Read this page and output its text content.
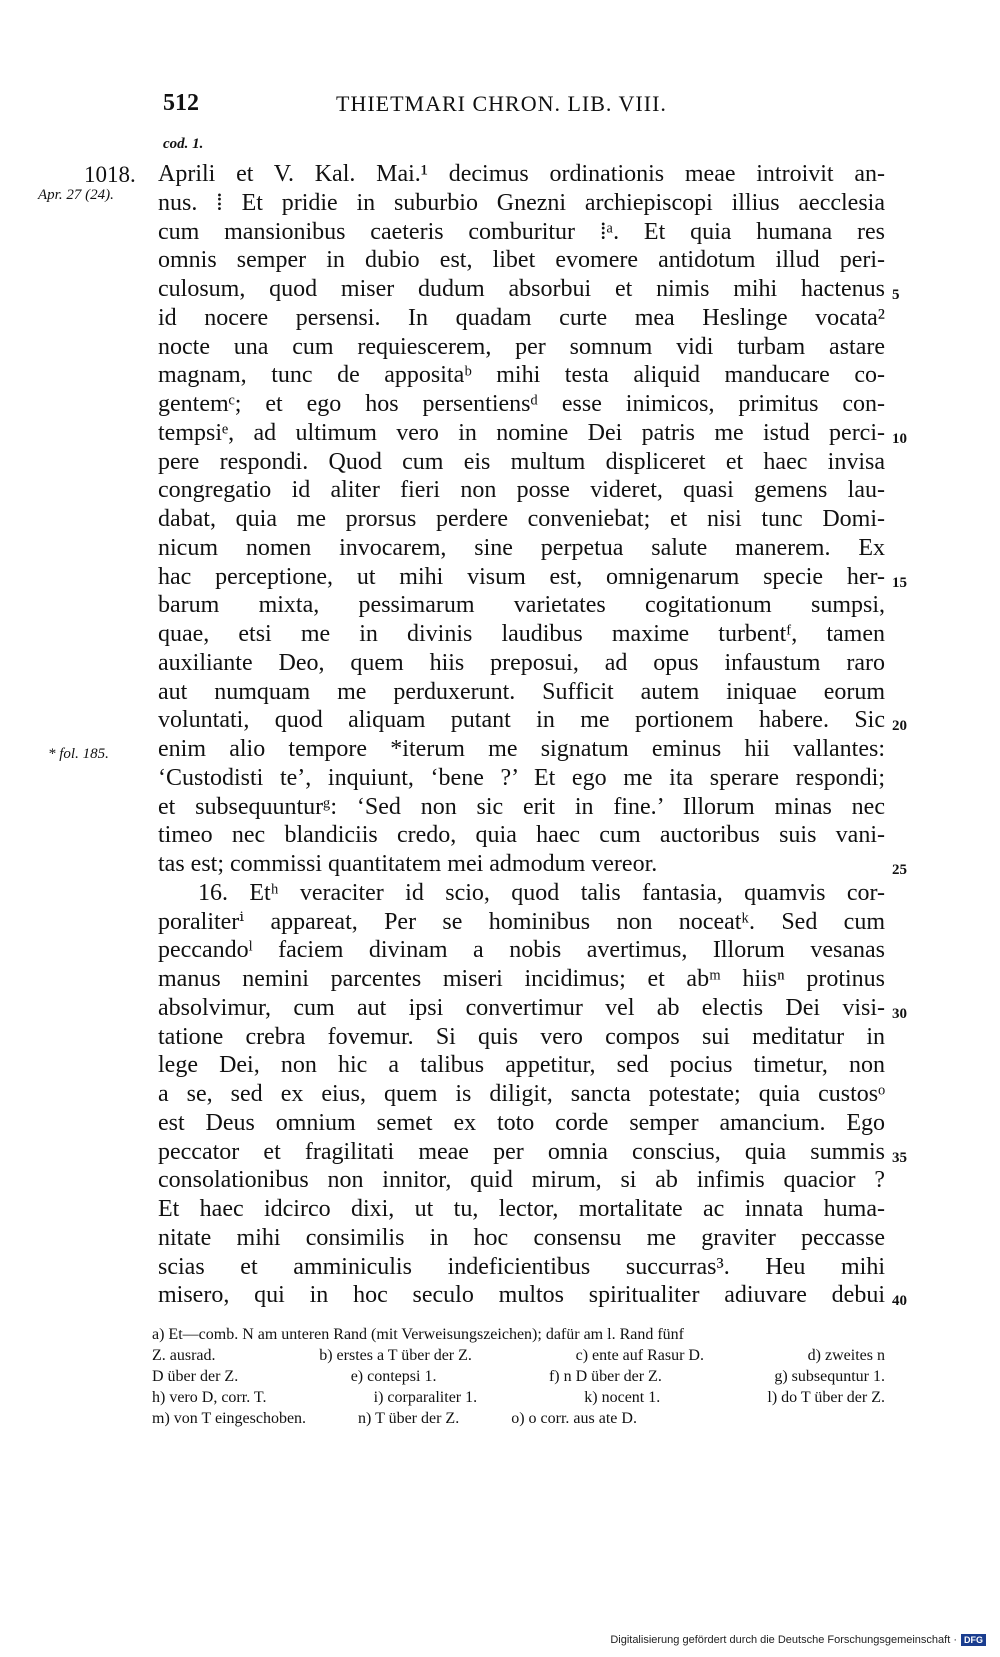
512	THIETMARI CHRON. LIB. VIII.
cod. 1.
1018.
Apr. 27 (24).
* fol. 185.
Aprili et V. Kal. Mai.¹ decimus ordinationis meae introivit an-
nus. ⁞ Et pridie in suburbio Gnezni archiepiscopi illius aecclesia
cum mansionibus caeteris comburitur ⁞ᵃ. Et quia humana res
omnis semper in dubio est, libet evomere antidotum illud peri-
culosum, quod miser dudum absorbui et nimis mihi hactenus
id nocere persensi. In quadam curte mea Heslinge vocata²
nocte una cum requiescerem, per somnum vidi turbam astare
magnam, tunc de appositaᵇ mihi testa aliquid manducare co-
gentemᶜ; et ego hos persentiensᵈ esse inimicos, primitus con-
tempsiᵉ, ad ultimum vero in nomine Dei patris me istud perci-
pere respondi. Quod cum eis multum displiceret et haec invisa
congregatio id aliter fieri non posse videret, quasi gemens lau-
dabat, quia me prorsus perdere conveniebat; et nisi tunc Domi-
nicum nomen invocarem, sine perpetua salute manerem. Ex
hac perceptione, ut mihi visum est, omnigenarum specie her-
barum mixta, pessimarum varietates cogitationum sumpsi,
quae, etsi me in divinis laudibus maxime turbentᶠ, tamen
auxiliante Deo, quem hiis preposui, ad opus infaustum raro
aut numquam me perduxerunt. Sufficit autem iniquae eorum
voluntati, quod aliquam putant in me portionem habere. Sic
enim alio tempore *iterum me signatum eminus hii vallantes:
‘Custodisti te’, inquiunt, ‘bene ?’ Et ego me ita sperare respondi;
et subsequunturᵍ: ‘Sed non sic erit in fine.’ Illorum minas nec
timeo nec blandiciis credo, quia haec cum auctoribus suis vani-
tas est; commissi quantitatem mei admodum vereor.
16. Etʰ veraciter id scio, quod talis fantasia, quamvis cor-
poraliterⁱ appareat, Per se hominibus non noceatᵏ. Sed cum
peccandoˡ faciem divinam a nobis avertimus, Illorum vesanas
manus nemini parcentes miseri incidimus; et abᵐ hiisⁿ protinus
absolvimur, cum aut ipsi convertimur vel ab electis Dei visi-
tatione crebra fovemur. Si quis vero compos sui meditatur in
lege Dei, non hic a talibus appetitur, sed pocius timetur, non
a se, sed ex eius, quem is diligit, sancta potestate; quia custosᵒ
est Deus omnium semet ex toto corde semper amancium. Ego
peccator et fragilitati meae per omnia conscius, quia summis
consolationibus non innitor, quid mirum, si ab infimis quacior ?
Et haec idcirco dixi, ut tu, lector, mortalitate ac innata huma-
nitate mihi consimilis in hoc consensu me graviter peccasse
scias et amminiculis indeficientibus succurras³. Heu mihi
misero, qui in hoc seculo multos spiritualiter adiuvare debui
5
10
15
20
25
30
35
40
a) Et—comb. N am unteren Rand (mit Verweisungszeichen); dafür am l. Rand fünf
Z. ausrad.	b) erstes a T über der Z.	c) ente auf Rasur D.	d) zweites n
D über der Z.	e) contepsi 1.	f) n D über der Z.	g) subsequntur 1.
h) vero D, corr. T.	i) corparaliter 1.	k) nocent 1.	l) do T über der Z.
m) von T eingeschoben.	n) T über der Z.	o) o corr. aus ate D.
Digitalisierung gefördert durch die Deutsche Forschungsgemeinschaft · DFG
